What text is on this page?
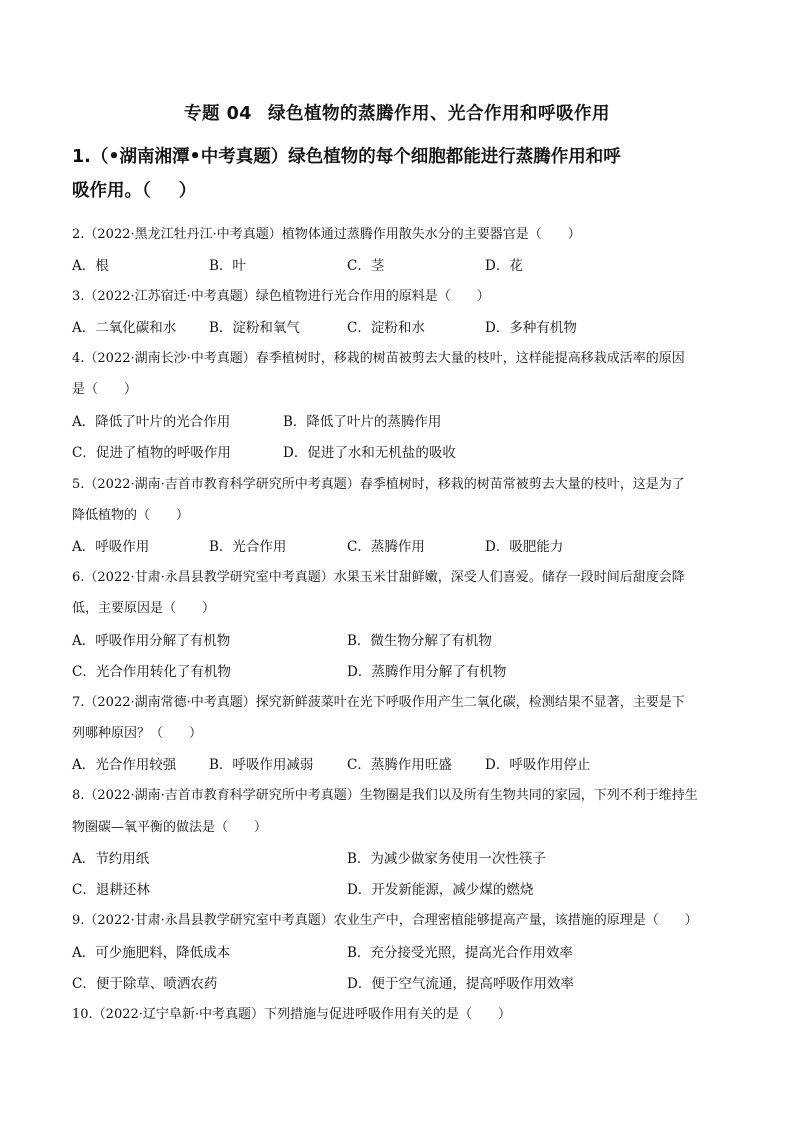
专题 04 绿色植物的蒸腾作用、光合作用和呼吸作用
1.（•湖南湘潭•中考真题）绿色植物的每个细胞都能进行蒸腾作用和呼
吸作用。（ ）
2.（2022·黑龙江牡丹江·中考真题）植物体通过蒸腾作用散失水分的主要器官是（　　）
A．根	B．叶	C．茎	D．花
3.（2022·江苏宿迁·中考真题）绿色植物进行光合作用的原料是（　　）
A．二氧化碳和水 B．淀粉和氧气	C．淀粉和水	D．多种有机物
4.（2022·湖南长沙·中考真题）春季植树时，移栽的树苗被剪去大量的枝叶，这样能提高移栽成活率的原因
是（　　）
A．降低了叶片的光合作用	B．降低了叶片的蒸腾作用
C．促进了植物的呼吸作用	D．促进了水和无机盐的吸收
5.（2022·湖南·吉首市教育科学研究所中考真题）春季植树时，移栽的树苗常被剪去大量的枝叶，这是为了
降低植物的（　　）
A．呼吸作用	B．光合作用	C．蒸腾作用	D．吸肥能力
6.（2022·甘肃·永昌县教学研究室中考真题）水果玉米甘甜鲜嫩，深受人们喜爱。储存一段时间后甜度会降
低，主要原因是（　　）
A．呼吸作用分解了有机物	B．微生物分解了有机物
C．光合作用转化了有机物	D．蒸腾作用分解了有机物
7.（2022·湖南常德·中考真题）探究新鲜菠菜叶在光下呼吸作用产生二氧化碳，检测结果不显著，主要是下
列哪种原因？（　　）
A．光合作用较强 B．呼吸作用减弱 C．蒸腾作用旺盛 D．呼吸作用停止
8.（2022·湖南·吉首市教育科学研究所中考真题）生物圈是我们以及所有生物共同的家园，下列不利于维持生
物圈碳—氧平衡的做法是（　　）
A．节约用纸	B．为减少做家务使用一次性筷子
C．退耕还林	D．开发新能源，减少煤的燃烧
9.（2022·甘肃·永昌县教学研究室中考真题）农业生产中，合理密植能够提高产量，该措施的原理是（　　）
A．可少施肥料，降低成本	B．充分接受光照，提高光合作用效率
C．便于除草、喷洒农药	D．便于空气流通，提高呼吸作用效率
10.（2022·辽宁阜新·中考真题）下列措施与促进呼吸作用有关的是（　　）
